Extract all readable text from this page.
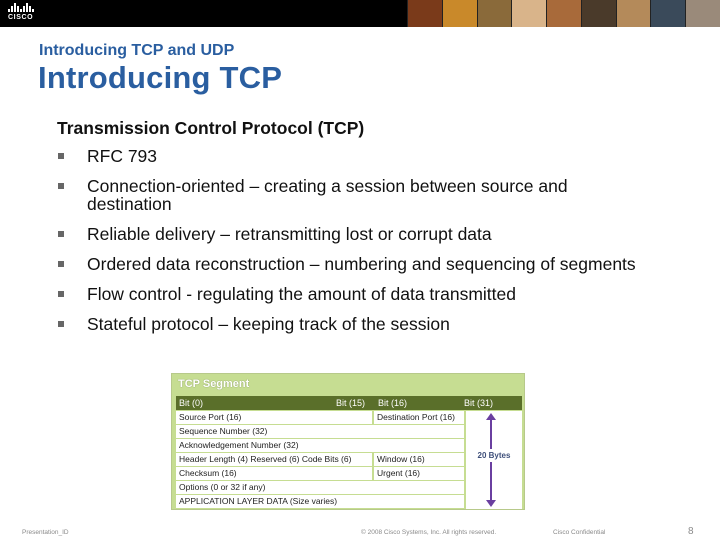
CISCO
Introducing TCP and UDP
Introducing TCP
Transmission Control Protocol (TCP)
RFC 793
Connection-oriented – creating a session between source and destination
Reliable delivery – retransmitting lost or corrupt data
Ordered data reconstruction – numbering and sequencing of segments
Flow control - regulating the amount of data transmitted
Stateful protocol – keeping track of the session
TCP Segment
Bit (0)	Bit (15) Bit (16)	Bit (31)
Source Port (16)	Destination Port (16)
Sequence Number (32)
Acknowledgement Number (32)
Header Length (4) Reserved (6) Code Bits (6)	Window (16)
Checksum (16)	Urgent (16)
Options (0 or 32 if any)
APPLICATION LAYER DATA (Size varies)
20 Bytes
Presentation_ID	© 2008 Cisco Systems, Inc. All rights reserved.	Cisco Confidential	8
